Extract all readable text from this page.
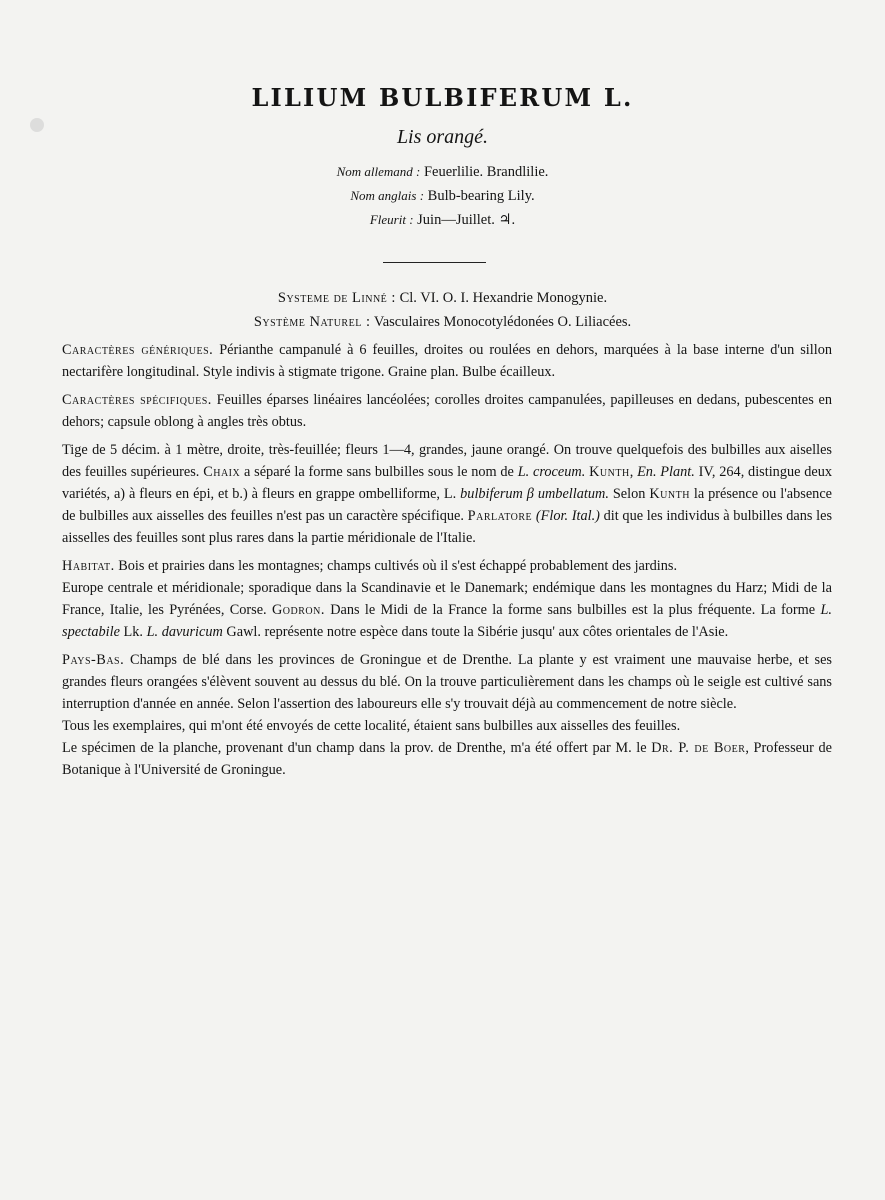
LILIUM BULBIFERUM L.
Lis orangé.
Nom allemand : Feuerlilie. Brandlilie.
Nom anglais : Bulb-bearing Lily.
Fleurit : Juin—Juillet. ♃.
Systeme de Linné : Cl. VI. O. I. Hexandrie Monogynie.
Système Naturel : Vasculaires Monocotylédonées O. Liliacées.

Caractères génériques. Périanthe campanulé à 6 feuilles, droites ou roulées en dehors, marquées à la base interne d'un sillon nectarifère longitudinal. Style indivis à stigmate trigone. Graine plan. Bulbe écailleux.

Caractères spécifiques. Feuilles éparses linéaires lancéolées; corolles droites campanulées, papilleuses en dedans, pubescentes en dehors; capsule oblong à angles très obtus.

Tige de 5 décim. à 1 mètre, droite, très-feuillée; fleurs 1—4, grandes, jaune orangé. On trouve quelquefois des bulbilles aux aiselles des feuilles supérieures. Chaix a séparé la forme sans bulbilles sous le nom de L. croceum. Kunth, En. Plant. IV, 264, distingue deux variétés, a) à fleurs en épi, et b.) à fleurs en grappe ombelliforme, L. bulbiferum β umbellatum. Selon Kunth la présence ou l'absence de bulbilles aux aisselles des feuilles n'est pas un caractère spécifique. Parlatore (Flor. Ital.) dit que les individus à bulbilles dans les aisselles des feuilles sont plus rares dans la partie méridionale de l'Italie.

Habitat. Bois et prairies dans les montagnes; champs cultivés où il s'est échappé probablement des jardins.

Europe centrale et méridionale; sporadique dans la Scandinavie et le Danemark; endémique dans les montagnes du Harz; Midi de la France, Italie, les Pyrénées, Corse. Godron. Dans le Midi de la France la forme sans bulbilles est la plus fréquente. La forme L. spectabile Lk. L. davuricum Gawl. représente notre espèce dans toute la Sibérie jusqu' aux côtes orientales de l'Asie.

Pays-Bas. Champs de blé dans les provinces de Groningue et de Drenthe. La plante y est vraiment une mauvaise herbe, et ses grandes fleurs orangées s'élèvent souvent au dessus du blé. On la trouve particulièrement dans les champs où le seigle est cultivé sans interruption d'année en année. Selon l'assertion des laboureurs elle s'y trouvait déjà au commencement de notre siècle.

Tous les exemplaires, qui m'ont été envoyés de cette localité, étaient sans bulbilles aux aisselles des feuilles.

Le spécimen de la planche, provenant d'un champ dans la prov. de Drenthe, m'a été offert par M. le Dr. P. de Boer, Professeur de Botanique à l'Université de Groningue.
